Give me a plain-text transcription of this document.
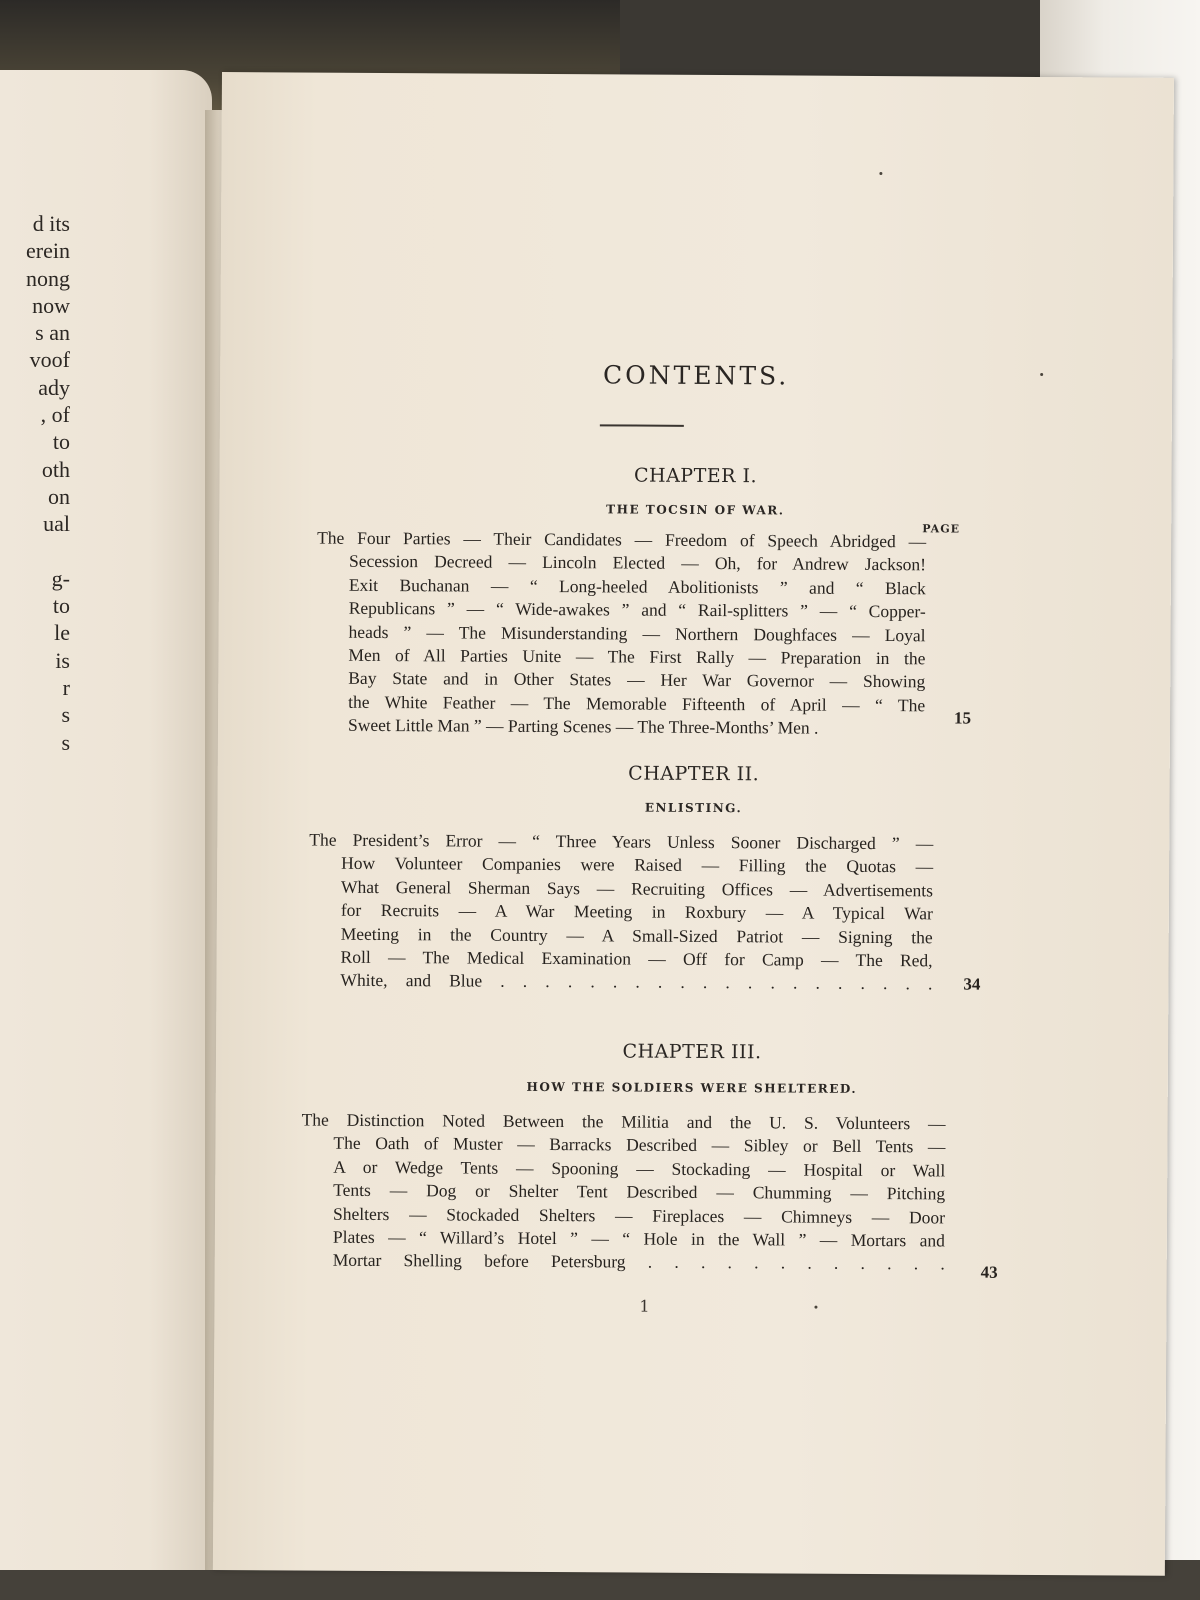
d its
erein
nong
now
s an
voof
ady
, of
to
oth
on
ual
g-
to
le
is
r
s
s
CONTENTS.
CHAPTER I.
THE TOCSIN OF WAR.
PAGE
The Four Parties — Their Candidates — Freedom of Speech Abridged —
Secession Decreed — Lincoln Elected — Oh, for Andrew Jackson!
Exit Buchanan — “ Long-heeled Abolitionists ” and “ Black
Republicans ” — “ Wide-awakes ” and “ Rail-splitters ” — “ Copper-
heads ” — The Misunderstanding — Northern Doughfaces — Loyal
Men of All Parties Unite — The First Rally — Preparation in the
Bay State and in Other States — Her War Governor — Showing
the White Feather — The Memorable Fifteenth of April — “ The
Sweet Little Man ” — Parting Scenes — The Three-Months’ Men .	15
CHAPTER II.
ENLISTING.
The President’s Error — “ Three Years Unless Sooner Discharged ” —
How Volunteer Companies were Raised — Filling the Quotas —
What General Sherman Says — Recruiting Offices — Advertisements
for Recruits — A War Meeting in Roxbury — A Typical War
Meeting in the Country — A Small-Sized Patriot — Signing the
Roll — The Medical Examination — Off for Camp — The Red,
White, and Blue . . . . . . . . . . . . . . . . . . . . 34
CHAPTER III.
HOW THE SOLDIERS WERE SHELTERED.
The Distinction Noted Between the Militia and the U. S. Volunteers —
The Oath of Muster — Barracks Described — Sibley or Bell Tents —
A or Wedge Tents — Spooning — Stockading — Hospital or Wall
Tents — Dog or Shelter Tent Described — Chumming — Pitching
Shelters — Stockaded Shelters — Fireplaces — Chimneys — Door
Plates — “ Willard’s Hotel ” — “ Hole in the Wall ” — Mortars and
Mortar Shelling before Petersburg . . . . . . . . . . . . 43
1
